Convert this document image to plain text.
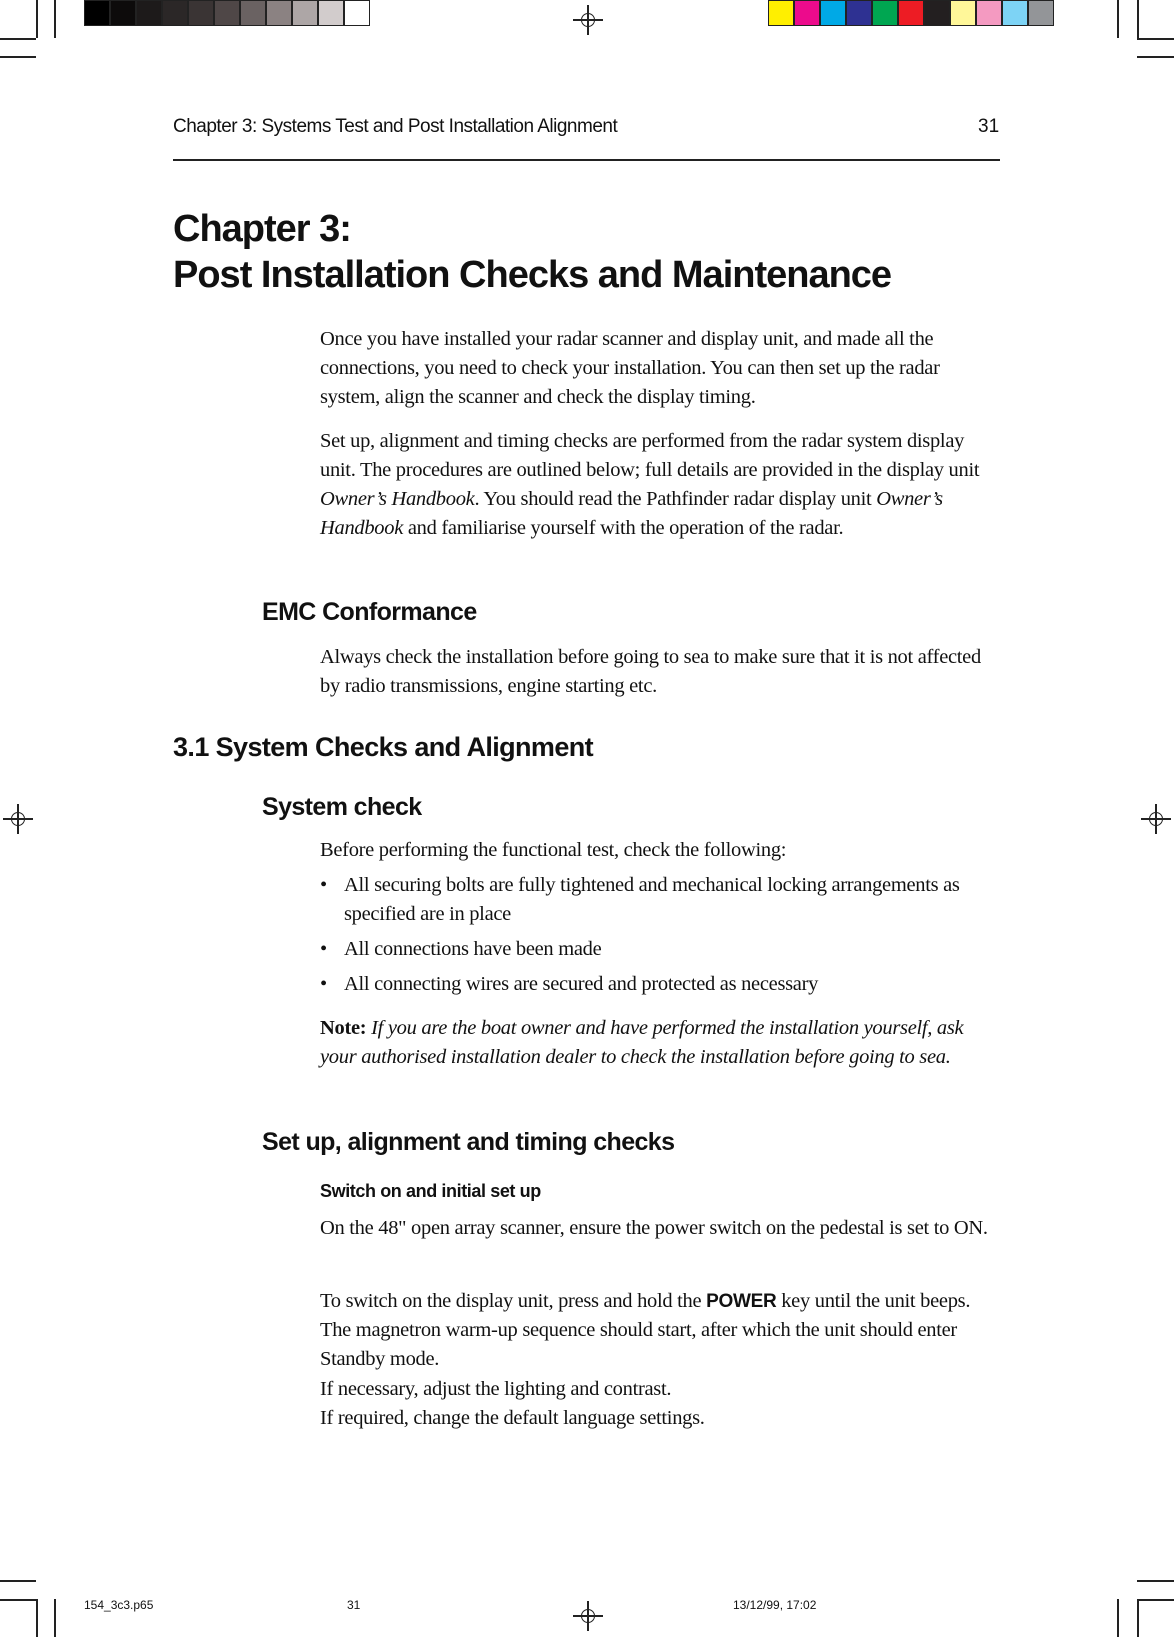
Chapter 3: Systems Test and Post Installation Alignment	31
Chapter 3:
Post Installation Checks and Maintenance

Once you have installed your radar scanner and display unit, and made all the connections, you need to check your installation. You can then set up the radar system, align the scanner and check the display timing.

Set up, alignment and timing checks are performed from the radar system display unit. The procedures are outlined below; full details are provided in the display unit Owner’s Handbook. You should read the Pathfinder radar display unit Owner’s Handbook and familiarise yourself with the operation of the radar.

EMC Conformance

Always check the installation before going to sea to make sure that it is not affected by radio transmissions, engine starting etc.

3.1 System Checks and Alignment
System check

Before performing the functional test, check the following:

• All securing bolts are fully tightened and mechanical locking arrangements as specified are in place
• All connections have been made
• All connecting wires are secured and protected as necessary

Note: If you are the boat owner and have performed the installation yourself, ask your authorised installation dealer to check the installation before going to sea.

Set up, alignment and timing checks
Switch on and initial set up

On the 48" open array scanner, ensure the power switch on the pedestal is set to ON.

To switch on the display unit, press and hold the POWER key until the unit beeps. The magnetron warm-up sequence should start, after which the unit should enter Standby mode.

If necessary, adjust the lighting and contrast.

If required, change the default language settings.

154_3c3.p65	31	13/12/99, 17:02
